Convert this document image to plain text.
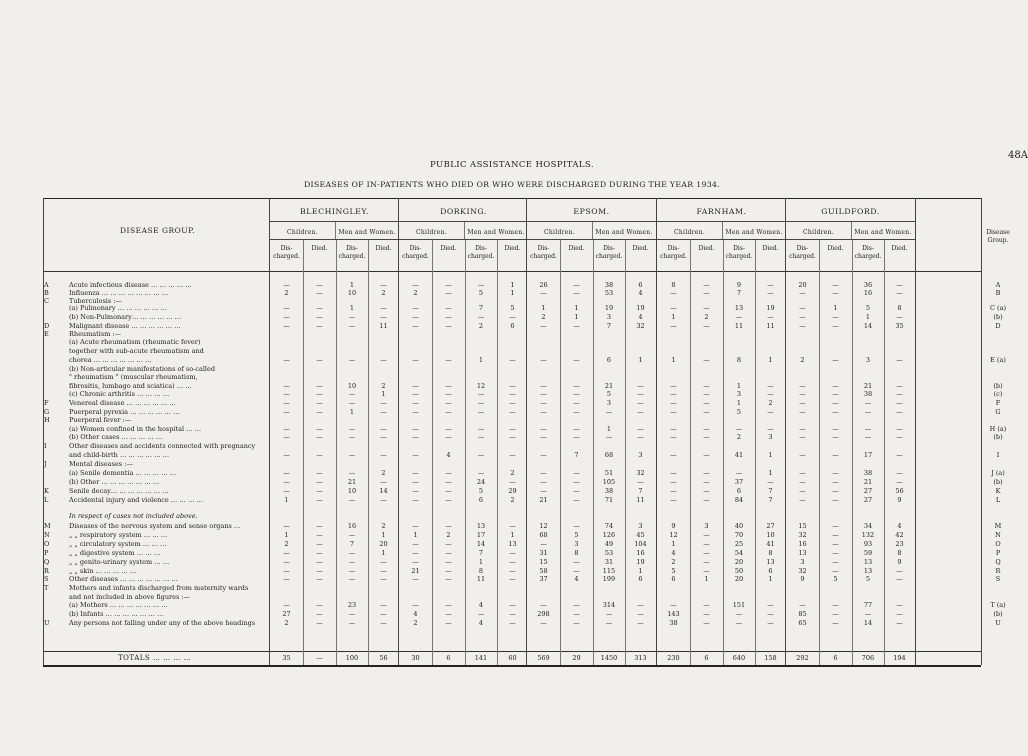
48A
PUBLIC ASSISTANCE HOSPITALS.
DISEASES OF IN-PATIENTS WHO DIED OR WHO WERE DISCHARGED DURING THE YEAR 1934.
DISEASE GROUP.	Disease Group.
BLECHINGLEY.
Children.	Men and Women.
Dis-charged.
Died.	Dis-charged.
Died.
DORKING.
Children.	Men and Women.
Dis-charged.
Died.	Dis-charged.
Died.
EPSOM.
Children.	Men and Women.
Dis-charged.
Died.	Dis-charged.
Died.
FARNHAM.
Children.	Men and Women.
Dis-charged.
Died.	Dis-charged.
Died.
GUILDFORD.
Children.	Men and Women.
Dis-charged.
Died.	Dis-charged.
Died.
A	Acute infectious disease … … … … …	—	—	1	—	—	—	—	1	26	—	38	6	8	—	9	—	20	—	36	—	A
B	Influenza … … … … … … … …	2	—	10	2	2	—	5	1	—	—	53	4	—	—	7	—	—	—	16	—	B
C	Tuberculosis :—
(a) Pulmonary … … … … … …	—	—	1	—	—	—	7	5	1	1	19	19	—	—	13	19	—	1	5	8	C (a)
(b) Non-Pulmonary… … … … … …	—	—	—	—	—	—	—	—	2	1	3	4	1	2	—	—	—	—	1	—	(b)
D	Malignant disease … … … … … …	—	—	—	11	—	—	2	6	—	—	7	32	—	—	11	11	—	—	14	35	D
E	Rheumatism :—
(a) Acute rheumatism (rheumatic fever)
together with sub-acute rheumatism and
chorea … … … … … … …	—	—	—	—	—	—	1	—	—	—	6	1	1	—	8	1	2	—	3	—	E (a)
(b) Non-articular manifestations of so-called
" rheumatism " (muscular rheumatism,
fibrositis, lumbago and sciatica) … …	—	—	10	2	—	—	12	—	—	—	21	—	—	—	1	—	—	—	21	—	(b)
(c) Chronic arthritis … … … …	—	—	—	1	—	—	—	—	—	—	5	—	—	—	3	—	—	—	38	—	(c)
F	Venereal disease … … … … … …	—	—	—	—	—	—	—	—	—	—	3	—	—	—	1	2	—	—	—	—	F
G	Puerperal pyrexia … … … … … …	—	—	1	—	—	—	—	—	—	—	—	—	—	—	5	—	—	—	—	—	G
H	Puerperal fever :—
(a) Women confined in the hospital … …	—	—	—	—	—	—	—	—	—	—	1	—	—	—	—	—	—	—	—	—	H (a)
(b) Other cases … … … … …	—	—	—	—	—	—	—	—	—	—	—	—	—	—	2	3	—	—	—	—	(b)
I	Other diseases and accidents connected with pregnancy
and child-birth … … … … … …	—	—	—	—	—	4	—	—	—	7	68	3	—	—	41	1	—	—	17	—	I
J	Mental diseases :—
(a) Senile dementia … … … … …	—	—	—	2	—	—	—	2	—	—	51	32	—	—	—	1	—	—	38	—	J (a)
(b) Other … … … … … … …	—	—	21	—	—	—	24	—	—	—	105	—	—	—	37	—	—	—	21	—	(b)
K	Senile decay… … … … … … …	—	—	10	14	—	—	5	29	—	—	38	7	—	—	6	7	—	—	27	56	K
L	Accidental injury and violence … … … …	1	—	—	—	—	—	6	2	21	—	71	11	—	—	84	7	—	—	27	9	L
In respect of cases not included above.
M	Diseases of the nervous system and sense organs …	—	—	16	2	—	—	13	—	12	—	74	3	9	3	40	27	15	—	34	4	M
N	„ „ respiratory system … … …	1	—	—	1	1	2	17	1	68	5	126	45	12	—	70	10	32	—	132	42	N
O	„ „ circulatory system … … …	2	—	7	20	—	—	14	13	—	3	49	104	1	—	25	41	16	—	93	23	O
P	„ „ digestive system … … …	—	—	—	1	—	—	7	—	31	8	53	16	4	—	54	8	13	—	59	8	P
Q	„ „ genito-urinary system … …	—	—	—	—	—	—	1	—	15	—	31	19	2	—	20	13	3	—	13	9	Q
R	„ „ skin … … … … …	—	—	—	—	21	—	8	—	58	—	115	1	5	—	50	6	32	—	13	—	R
S	Other diseases … … … … … … …	—	—	—	—	—	—	11	—	37	4	199	6	6	1	20	1	9	5	5	—	S
T	Mothers and infants discharged from maternity wards
and not included in above figures :—
(a) Mothers … … … … … … …	—	—	23	—	—	—	4	—	—	—	314	—	—	—	151	—	—	—	77	—	T (a)
(b) Infants … … … … … … …	27	—	—	—	4	—	—	—	298	—	—	—	143	—	—	—	85	—	—	—	(b)
U	Any persons not falling under any of the above headings	2	—	—	—	2	—	4	—	—	—	—	—	38	—	—	—	65	—	14	—	U
TOTALS … … … …	35	—	100	56	30	6	141	60	569	29	1450	313	230	6	640	158	292	6	706	194
